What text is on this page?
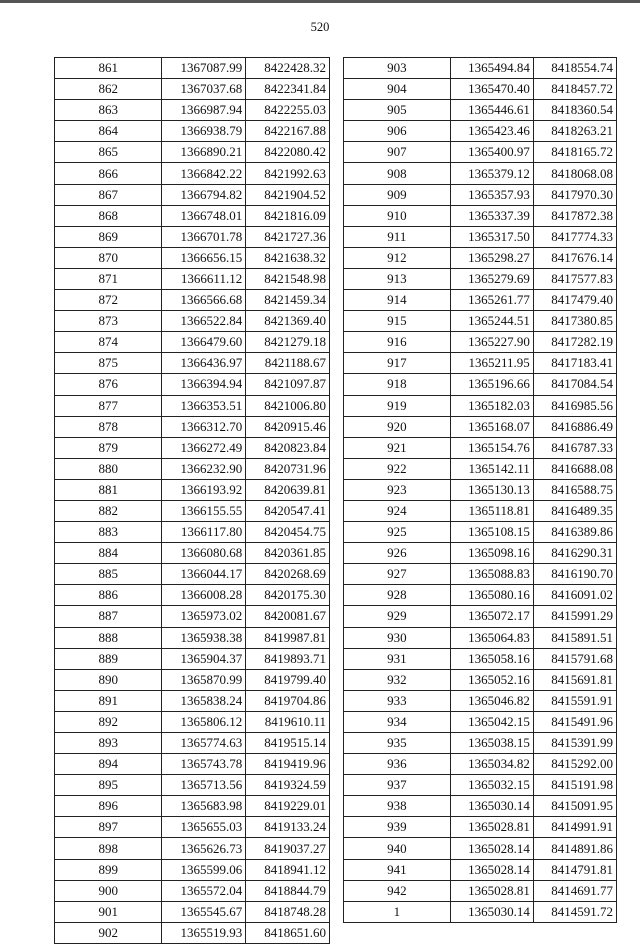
520
861	1367087.99	8422428.32
862	1367037.68	8422341.84
863	1366987.94	8422255.03
864	1366938.79	8422167.88
865	1366890.21	8422080.42
866	1366842.22	8421992.63
867	1366794.82	8421904.52
868	1366748.01	8421816.09
869	1366701.78	8421727.36
870	1366656.15	8421638.32
871	1366611.12	8421548.98
872	1366566.68	8421459.34
873	1366522.84	8421369.40
874	1366479.60	8421279.18
875	1366436.97	8421188.67
876	1366394.94	8421097.87
877	1366353.51	8421006.80
878	1366312.70	8420915.46
879	1366272.49	8420823.84
880	1366232.90	8420731.96
881	1366193.92	8420639.81
882	1366155.55	8420547.41
883	1366117.80	8420454.75
884	1366080.68	8420361.85
885	1366044.17	8420268.69
886	1366008.28	8420175.30
887	1365973.02	8420081.67
888	1365938.38	8419987.81
889	1365904.37	8419893.71
890	1365870.99	8419799.40
891	1365838.24	8419704.86
892	1365806.12	8419610.11
893	1365774.63	8419515.14
894	1365743.78	8419419.96
895	1365713.56	8419324.59
896	1365683.98	8419229.01
897	1365655.03	8419133.24
898	1365626.73	8419037.27
899	1365599.06	8418941.12
900	1365572.04	8418844.79
901	1365545.67	8418748.28
902	1365519.93	8418651.60
903	1365494.84	8418554.74
904	1365470.40	8418457.72
905	1365446.61	8418360.54
906	1365423.46	8418263.21
907	1365400.97	8418165.72
908	1365379.12	8418068.08
909	1365357.93	8417970.30
910	1365337.39	8417872.38
911	1365317.50	8417774.33
912	1365298.27	8417676.14
913	1365279.69	8417577.83
914	1365261.77	8417479.40
915	1365244.51	8417380.85
916	1365227.90	8417282.19
917	1365211.95	8417183.41
918	1365196.66	8417084.54
919	1365182.03	8416985.56
920	1365168.07	8416886.49
921	1365154.76	8416787.33
922	1365142.11	8416688.08
923	1365130.13	8416588.75
924	1365118.81	8416489.35
925	1365108.15	8416389.86
926	1365098.16	8416290.31
927	1365088.83	8416190.70
928	1365080.16	8416091.02
929	1365072.17	8415991.29
930	1365064.83	8415891.51
931	1365058.16	8415791.68
932	1365052.16	8415691.81
933	1365046.82	8415591.91
934	1365042.15	8415491.96
935	1365038.15	8415391.99
936	1365034.82	8415292.00
937	1365032.15	8415191.98
938	1365030.14	8415091.95
939	1365028.81	8414991.91
940	1365028.14	8414891.86
941	1365028.14	8414791.81
942	1365028.81	8414691.77
1	1365030.14	8414591.72
